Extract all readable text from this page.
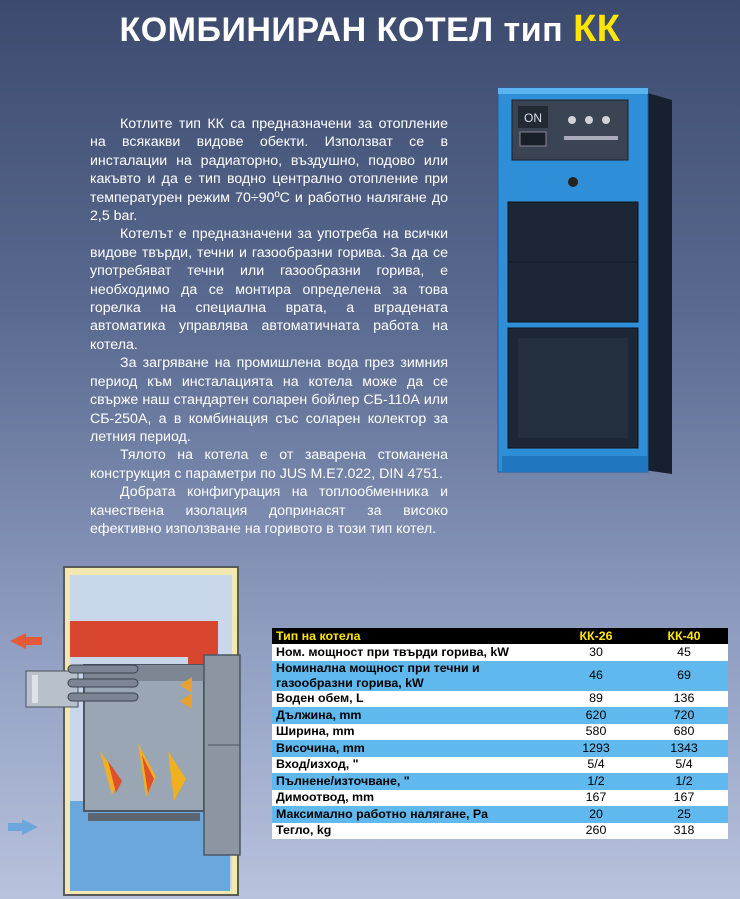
КОМБИНИРАН КОТЕЛ тип КК

Котлите тип КК са предназначени за отопление на всякакви видове обекти. Използват се в инсталации на радиаторно, въздушно, подово или какъвто и да е тип водно централно отопление при температурен режим 70÷90ºC и работно налягане до 2,5 bar.

Котелът е предназначени за употреба на всички видове твърди, течни и газообразни горива. За да се употребяват течни или газообразни горива, е необходимо да се монтира определена за това горелка на специална врата, а вградената автоматика управлява автоматичната работа на котела.

За загряване на промишлена вода през зимния период към инсталацията на котела може да се свърже наш стандартен соларен бойлер СБ-110А или СБ-250А, а в комбинация със соларен колектор за летния период.

Тялото на котела е от заварена стоманена конструкция с параметри по JUS M.E7.022, DIN 4751.

Добрата конфигурация на топлообменника и качествена изолация допринасят за високо ефективно използване на горивото в този тип котел.

ON
Тип на котела	КК-26	КК-40
Ном. мощност при твърди горива, kW	30	45
Номинална мощност при течни и газообразни горива, kW	46	69
Воден обем, L	89	136
Дължина, mm	620	720
Ширина, mm	580	680
Височина, mm	1293	1343
Вход/изход, "	5/4	5/4
Пълнене/източване, "	1/2	1/2
Димоотвод, mm	167	167
Максимално работно налягане, Pa	20	25
Тегло, kg	260	318
